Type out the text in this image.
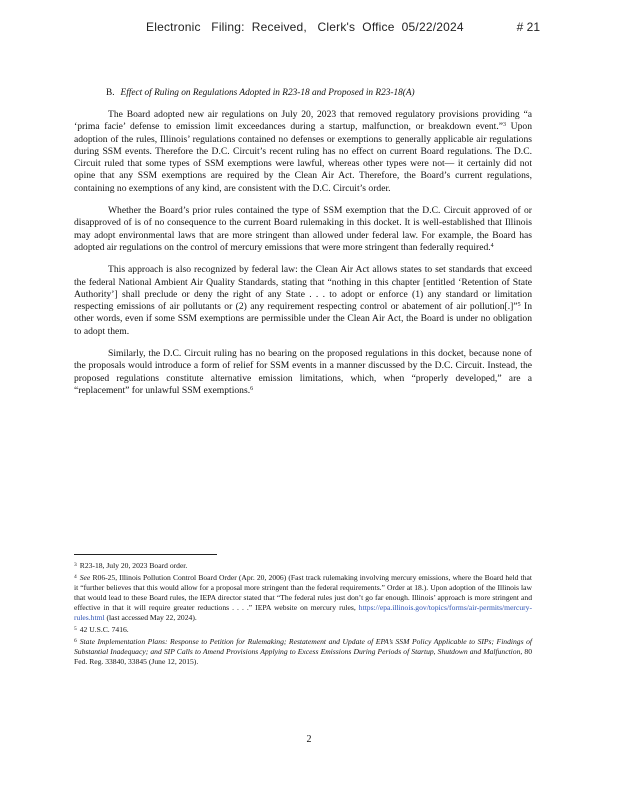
Electronic   Filing:  Received,   Clerk's  Office  05/22/2024	# 21
B. Effect of Ruling on Regulations Adopted in R23-18 and Proposed in R23-18(A)

The Board adopted new air regulations on July 20, 2023 that removed regulatory provisions providing “a ‘prima facie’ defense to emission limit exceedances during a startup, malfunction, or breakdown event.”$^3$ Upon adoption of the rules, Illinois’ regulations contained no defenses or exemptions to generally applicable air regulations during SSM events. Therefore the D.C. Circuit’s recent ruling has no effect on current Board regulations. The D.C. Circuit ruled that some types of SSM exemptions were lawful, whereas other types were not— it certainly did not opine that any SSM exemptions are required by the Clean Air Act. Therefore, the Board’s current regulations, containing no exemptions of any kind, are consistent with the D.C. Circuit’s order.

Whether the Board’s prior rules contained the type of SSM exemption that the D.C. Circuit approved of or disapproved of is of no consequence to the current Board rulemaking in this docket. It is well-established that Illinois may adopt environmental laws that are more stringent than allowed under federal law. For example, the Board has adopted air regulations on the control of mercury emissions that were more stringent than federally required.$^4$

This approach is also recognized by federal law: the Clean Air Act allows states to set standards that exceed the federal National Ambient Air Quality Standards, stating that “nothing in this chapter [entitled ‘Retention of State Authority’] shall preclude or deny the right of any State . . . to adopt or enforce (1) any standard or limitation respecting emissions of air pollutants or (2) any requirement respecting control or abatement of air pollution[.]”$^5$ In other words, even if some SSM exemptions are permissible under the Clean Air Act, the Board is under no obligation to adopt them.

Similarly, the D.C. Circuit ruling has no bearing on the proposed regulations in this docket, because none of the proposals would introduce a form of relief for SSM events in a manner discussed by the D.C. Circuit. Instead, the proposed regulations constitute alternative emission limitations, which, when “properly developed,” are a “replacement” for unlawful SSM exemptions.$^6$

$^3$ R23-18, July 20, 2023 Board order.
$^4$ See R06-25, Illinois Pollution Control Board Order (Apr. 20, 2006) (Fast track rulemaking involving mercury emissions, where the Board held that it “further believes that this would allow for a proposal more stringent than the federal requirements.” Order at 18.). Upon adoption of the Illinois law that would lead to these Board rules, the IEPA director stated that “The federal rules just don’t go far enough. Illinois’ approach is more stringent and effective in that it will require greater reductions . . . .” IEPA website on mercury rules, https://epa.illinois.gov/topics/forms/air-permits/mercury-rules.html (last accessed May 22, 2024).
$^5$ 42 U.S.C. 7416.
$^6$ State Implementation Plans: Response to Petition for Rulemaking; Restatement and Update of EPA’s SSM Policy Applicable to SIPs; Findings of Substantial Inadequacy; and SIP Calls to Amend Provisions Applying to Excess Emissions During Periods of Startup, Shutdown and Malfunction, 80 Fed. Reg. 33840, 33845 (June 12, 2015).
2
